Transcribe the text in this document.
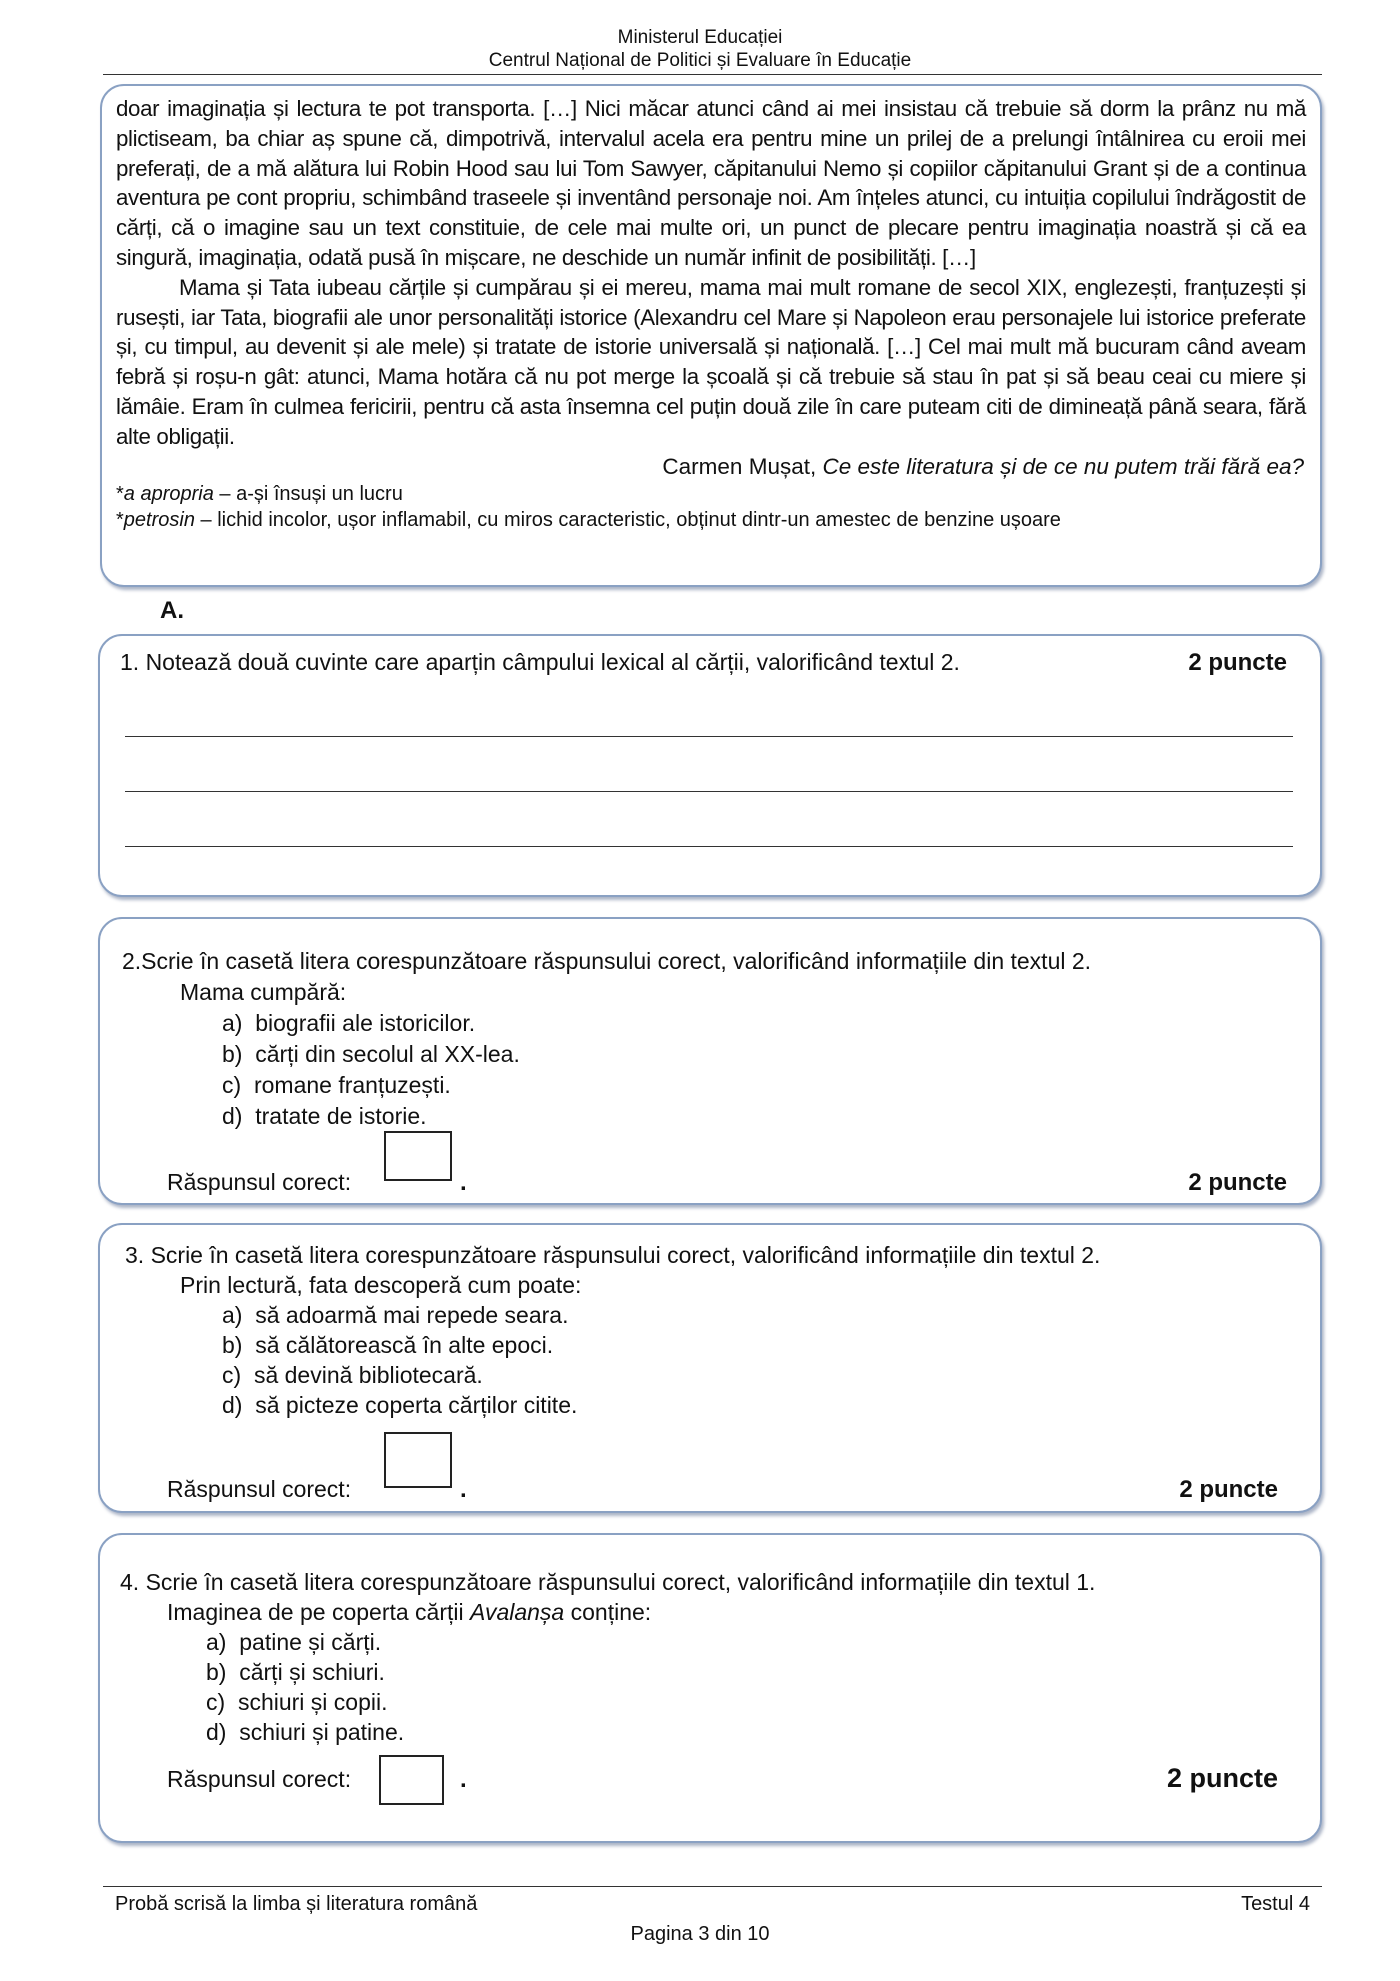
Ministerul Educației
Centrul Național de Politici și Evaluare în Educație

doar imaginația și lectura te pot transporta. […] Nici măcar atunci când ai mei insistau că trebuie să dorm la prânz nu mă plictiseam, ba chiar aș spune că, dimpotrivă, intervalul acela era pentru mine un prilej de a prelungi întâlnirea cu eroii mei preferați, de a mă alătura lui Robin Hood sau lui Tom Sawyer, căpitanului Nemo și copiilor căpitanului Grant și de a continua aventura pe cont propriu, schimbând traseele și inventând personaje noi. Am înțeles atunci, cu intuiția copilului îndrăgostit de cărți, că o imagine sau un text constituie, de cele mai multe ori, un punct de plecare pentru imaginația noastră și că ea singură, imaginația, odată pusă în mișcare, ne deschide un număr infinit de posibilități. […]

Mama și Tata iubeau cărțile și cumpărau și ei mereu, mama mai mult romane de secol XIX, englezești, franțuzești și rusești, iar Tata, biografii ale unor personalități istorice (Alexandru cel Mare și Napoleon erau personajele lui istorice preferate și, cu timpul, au devenit și ale mele) și tratate de istorie universală și națională. […] Cel mai mult mă bucuram când aveam febră și roșu-n gât: atunci, Mama hotăra că nu pot merge la școală și că trebuie să stau în pat și să beau ceai cu miere și lămâie. Eram în culmea fericirii, pentru că asta însemna cel puțin două zile în care puteam citi de dimineață până seara, fără alte obligații.

Carmen Mușat, Ce este literatura și de ce nu putem trăi fără ea?
*a apropria – a-și însuși un lucru
*petrosin – lichid incolor, ușor inflamabil, cu miros caracteristic, obținut dintr-un amestec de benzine ușoare
A.
1. Notează două cuvinte care aparțin câmpului lexical al cărții, valorificând textul 2.	2 puncte
2.Scrie în casetă litera corespunzătoare răspunsului corect, valorificând informațiile din textul 2.
Mama cumpără:
a) biografii ale istoricilor.
b) cărți din secolul al XX-lea.
c) romane franțuzești.
d) tratate de istorie.
Răspunsul corect:	.	2 puncte
3. Scrie în casetă litera corespunzătoare răspunsului corect, valorificând informațiile din textul 2.
Prin lectură, fata descoperă cum poate:
a) să adoarmă mai repede seara.
b) să călătorească în alte epoci.
c) să devină bibliotecară.
d) să picteze coperta cărților citite.
Răspunsul corect:	.	2 puncte
4. Scrie în casetă litera corespunzătoare răspunsului corect, valorificând informațiile din textul 1.
Imaginea de pe coperta cărții Avalanșa conține:
a) patine și cărți.
b) cărți și schiuri.
c) schiuri și copii.
d) schiuri și patine.
Răspunsul corect:	.	2 puncte
Probă scrisă la limba și literatura română	Testul 4
Pagina 3 din 10
